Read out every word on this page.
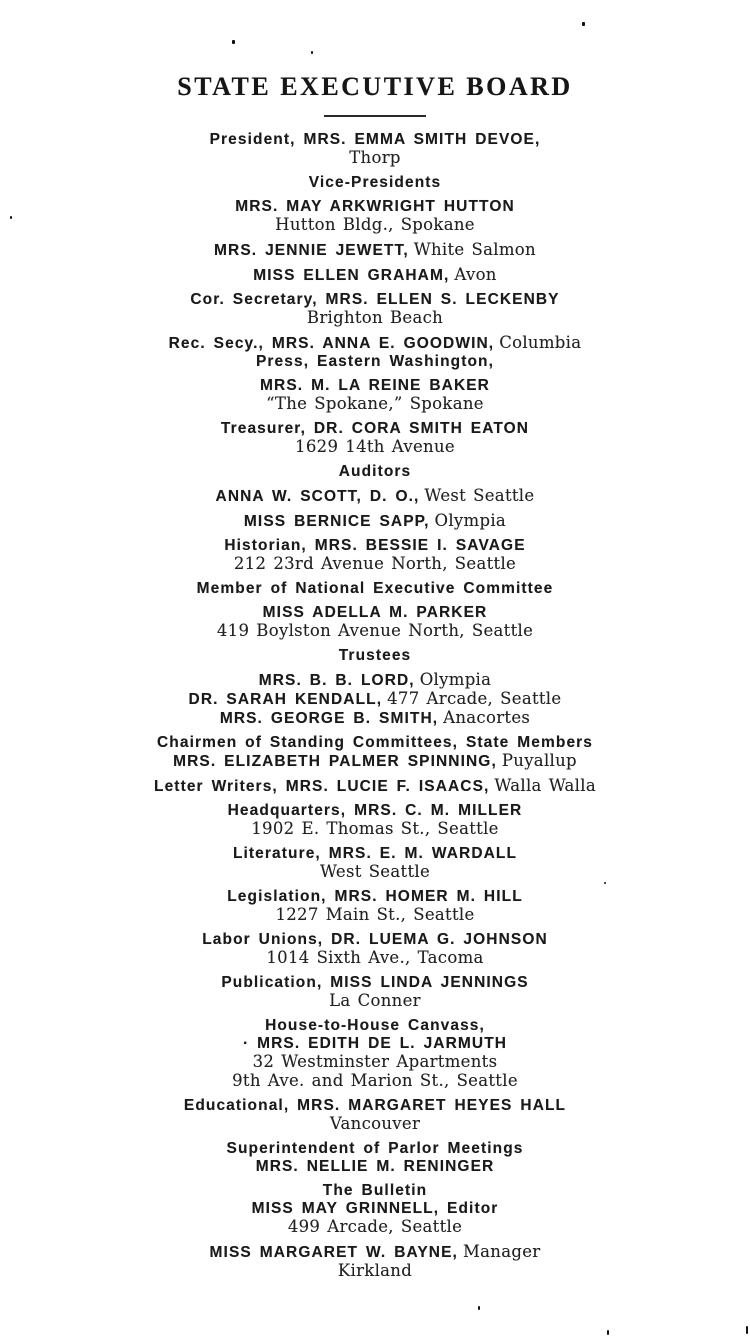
STATE EXECUTIVE BOARD
President, MRS. EMMA SMITH DEVOE,
Thorp
Vice-Presidents
MRS. MAY ARKWRIGHT HUTTON
Hutton Bldg., Spokane
MRS. JENNIE JEWETT, White Salmon
MISS ELLEN GRAHAM, Avon
Cor. Secretary, MRS. ELLEN S. LECKENBY
Brighton Beach
Rec. Secy., MRS. ANNA E. GOODWIN, Columbia
Press, Eastern Washington,
MRS. M. LA REINE BAKER
“The Spokane,” Spokane
Treasurer, DR. CORA SMITH EATON
1629 14th Avenue
Auditors
ANNA W. SCOTT, D. O., West Seattle
MISS BERNICE SAPP, Olympia
Historian, MRS. BESSIE I. SAVAGE
212 23rd Avenue North, Seattle
Member of National Executive Committee
MISS ADELLA M. PARKER
419 Boylston Avenue North, Seattle
Trustees
MRS. B. B. LORD, Olympia
DR. SARAH KENDALL, 477 Arcade, Seattle
MRS. GEORGE B. SMITH, Anacortes
Chairmen of Standing Committees, State Members
MRS. ELIZABETH PALMER SPINNING, Puyallup
Letter Writers, MRS. LUCIE F. ISAACS, Walla Walla
Headquarters, MRS. C. M. MILLER
1902 E. Thomas St., Seattle
Literature, MRS. E. M. WARDALL
West Seattle
Legislation, MRS. HOMER M. HILL
1227 Main St., Seattle
Labor Unions, DR. LUEMA G. JOHNSON
1014 Sixth Ave., Tacoma
Publication, MISS LINDA JENNINGS
La Conner
House-to-House Canvass,
· MRS. EDITH DE L. JARMUTH
32 Westminster Apartments
9th Ave. and Marion St., Seattle
Educational, MRS. MARGARET HEYES HALL
Vancouver
Superintendent of Parlor Meetings
MRS. NELLIE M. RENINGER
The Bulletin
MISS MAY GRINNELL, Editor
499 Arcade, Seattle
MISS MARGARET W. BAYNE, Manager
Kirkland
